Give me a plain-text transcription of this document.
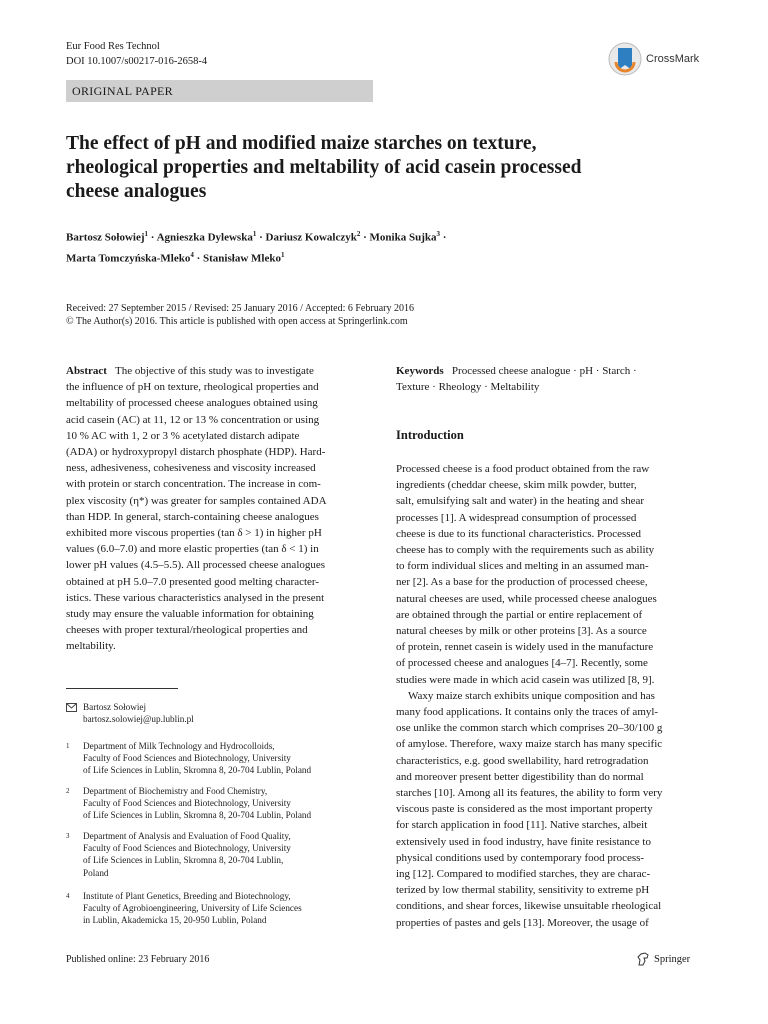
Eur Food Res Technol
DOI 10.1007/s00217-016-2658-4	CrossMark
ORIGINAL PAPER
The effect of pH and modified maize starches on texture,
rheological properties and meltability of acid casein processed
cheese analogues
Bartosz Sołowiej$^1$ · Agnieszka Dylewska$^1$ · Dariusz Kowalczyk$^2$ · Monika Sujka$^3$ ·
Marta Tomczyńska-Mleko$^4$ · Stanisław Mleko$^1$
Received: 27 September 2015 / Revised: 25 January 2016 / Accepted: 6 February 2016
© The Author(s) 2016. This article is published with open access at Springerlink.com
Abstract The objective of this study was to investigate
the influence of pH on texture, rheological properties and
meltability of processed cheese analogues obtained using
acid casein (AC) at 11, 12 or 13 % concentration or using
10 % AC with 1, 2 or 3 % acetylated distarch adipate
(ADA) or hydroxypropyl distarch phosphate (HDP). Hard-
ness, adhesiveness, cohesiveness and viscosity increased
with protein or starch concentration. The increase in com-
plex viscosity (η*) was greater for samples contained ADA
than HDP. In general, starch-containing cheese analogues
exhibited more viscous properties (tan δ > 1) in higher pH
values (6.0–7.0) and more elastic properties (tan δ < 1) in
lower pH values (4.5–5.5). All processed cheese analogues
obtained at pH 5.0–7.0 presented good melting character-
istics. These various characteristics analysed in the present
study may ensure the valuable information for obtaining
cheeses with proper textural/rheological properties and
meltability.
Bartosz Sołowiej
bartosz.solowiej@up.lublin.pl
1 Department of Milk Technology and Hydrocolloids,
Faculty of Food Sciences and Biotechnology, University
of Life Sciences in Lublin, Skromna 8, 20-704 Lublin, Poland
2 Department of Biochemistry and Food Chemistry,
Faculty of Food Sciences and Biotechnology, University
of Life Sciences in Lublin, Skromna 8, 20-704 Lublin, Poland
3 Department of Analysis and Evaluation of Food Quality,
Faculty of Food Sciences and Biotechnology, University
of Life Sciences in Lublin, Skromna 8, 20-704 Lublin,
Poland
4 Institute of Plant Genetics, Breeding and Biotechnology,
Faculty of Agrobioengineering, University of Life Sciences
in Lublin, Akademicka 15, 20-950 Lublin, Poland
Keywords Processed cheese analogue · pH · Starch ·
Texture · Rheology · Meltability
Introduction
Processed cheese is a food product obtained from the raw
ingredients (cheddar cheese, skim milk powder, butter,
salt, emulsifying salt and water) in the heating and shear
processes [1]. A widespread consumption of processed
cheese is due to its functional characteristics. Processed
cheese has to comply with the requirements such as ability
to form individual slices and melting in an assumed man-
ner [2]. As a base for the production of processed cheese,
natural cheeses are used, while processed cheese analogues
are obtained through the partial or entire replacement of
natural cheeses by milk or other proteins [3]. As a source
of protein, rennet casein is widely used in the manufacture
of processed cheese and analogues [4–7]. Recently, some
studies were made in which acid casein was utilized [8, 9].
Waxy maize starch exhibits unique composition and has
many food applications. It contains only the traces of amyl-
ose unlike the common starch which comprises 20–30/100 g
of amylose. Therefore, waxy maize starch has many specific
characteristics, e.g. good swellability, hard retrogradation
and moreover present better digestibility than do normal
starches [10]. Among all its features, the ability to form very
viscous paste is considered as the most important property
for starch application in food [11]. Native starches, albeit
extensively used in food industry, have finite resistance to
physical conditions used by contemporary food process-
ing [12]. Compared to modified starches, they are charac-
terized by low thermal stability, sensitivity to extreme pH
conditions, and shear forces, likewise unsuitable rheological
properties of pastes and gels [13]. Moreover, the usage of
Published online: 23 February 2016	Springer
